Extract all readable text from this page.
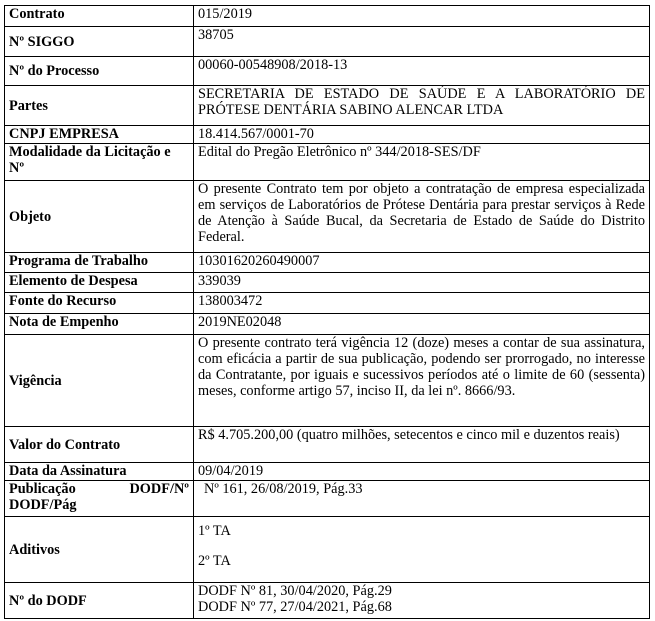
Contrato	015/2019
Nº SIGGO	38705
Nº do Processo	00060-00548908/2018-13
Partes	SECRETARIA DE ESTADO DE SAÚDE E A LABORATÓRIO DE PRÓTESE DENTÁRIA SABINO ALENCAR LTDA
CNPJ EMPRESA	18.414.567/0001-70
Modalidade da Licitação e Nº	Edital do Pregão Eletrônico nº 344/2018-SES/DF
Objeto	O presente Contrato tem por objeto a contratação de empresa especializada em serviços de Laboratórios de Prótese Dentária para prestar serviços à Rede de Atenção à Saúde Bucal, da Secretaria de Estado de Saúde do Distrito Federal.
Programa de Trabalho	10301620260490007
Elemento de Despesa	339039
Fonte do Recurso	138003472
Nota de Empenho	2019NE02048
Vigência	O presente contrato terá vigência 12 (doze) meses a contar de sua assinatura, com eficácia a partir de sua publicação, podendo ser prorrogado, no interesse da Contratante, por iguais e sucessivos períodos até o limite de 60 (sessenta) meses, conforme artigo 57, inciso II, da lei nº. 8666/93.
Valor do Contrato	R$ 4.705.200,00 (quatro milhões, setecentos e cinco mil e duzentos reais)
Data da Assinatura	09/04/2019

Publicação DODF/Nº
DODF/Pág	Nº 161, 26/08/2019, Pág.33
Aditivos	1º TA
2º TA

Nº do DODF	DODF Nº 81, 30/04/2020, Pág.29
DODF Nº 77, 27/04/2021, Pág.68
